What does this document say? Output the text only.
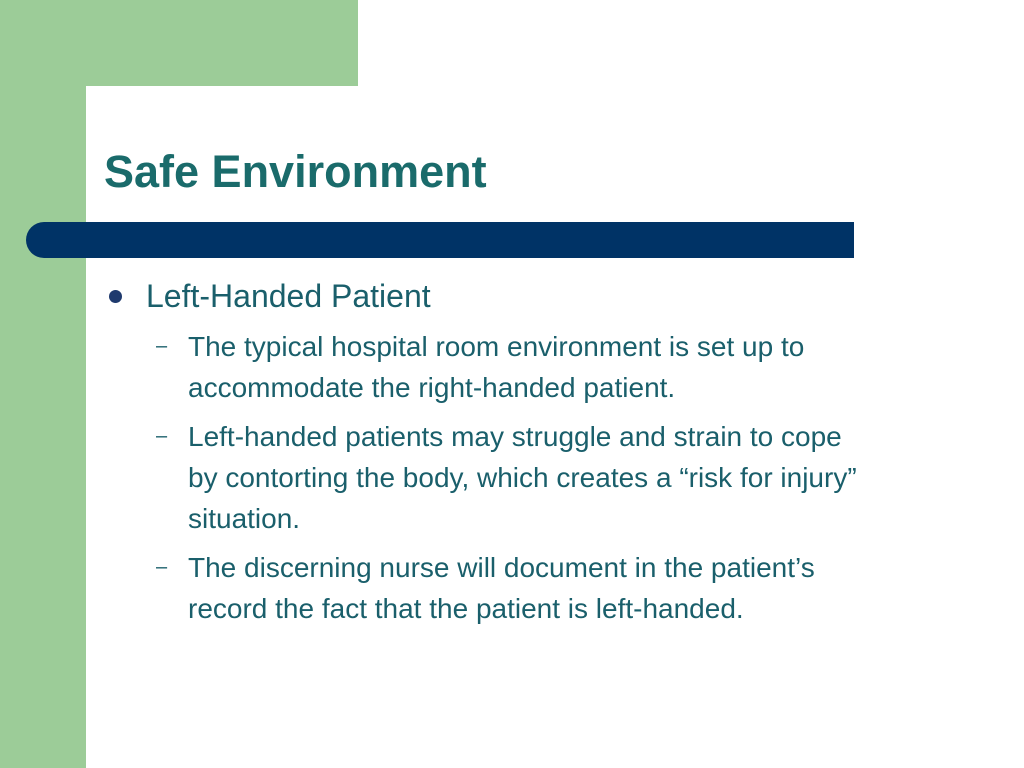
Safe Environment
Left-Handed Patient
– The typical hospital room environment is set up to accommodate the right-handed patient.
– Left-handed patients may struggle and strain to cope by contorting the body, which creates a “risk for injury” situation.
– The discerning nurse will document in the patient’s record the fact that the patient is left-handed.
